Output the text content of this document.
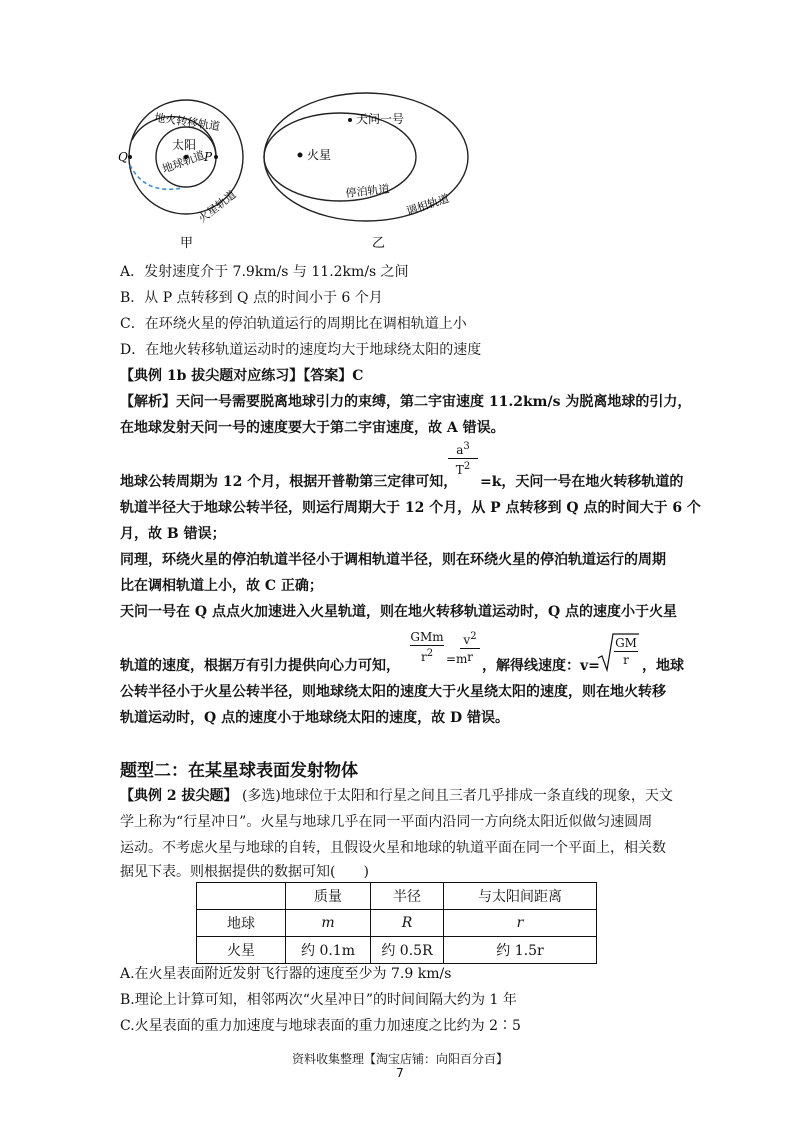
Q	P
太阳
地火转移轨道
地球轨道
火星轨道
甲
天问一号
火星
停泊轨道
调相轨道
乙
A．发射速度介于 7.9km/s 与 11.2km/s 之间
B．从 P 点转移到 Q 点的时间小于 6 个月
C．在环绕火星的停泊轨道运行的周期比在调相轨道上小
D．在地火转移轨道运动时的速度均大于地球绕太阳的速度
【典例 1b 拔尖题对应练习】【答案】C
【解析】天问一号需要脱离地球引力的束缚，第二宇宙速度 11.2km/s 为脱离地球的引力，
在地球发射天问一号的速度要大于第二宇宙速度，故 A 错误。
地球公转周期为 12 个月，根据开普勒第三定律可知，
$a^3$
$T^2$
=k，天问一号在地火转移轨道的
轨道半径大于地球公转半径，则运行周期大于 12 个月，从 P 点转移到 Q 点的时间大于 6 个
月，故 B 错误；
同理，环绕火星的停泊轨道半径小于调相轨道半径，则在环绕火星的停泊轨道运行的周期
比在调相轨道上小，故 C 正确；
天问一号在 Q 点点火加速进入火星轨道，则在地火转移轨道运动时，Q 点的速度小于火星
轨道的速度，根据万有引力提供向心力可知，
GMm
$r^2$	=m
$v^2$
r
，解得线速度：v=
GM
r ，地球
公转半径小于火星公转半径，则地球绕太阳的速度大于火星绕太阳的速度，则在地火转移
轨道运动时，Q 点的速度小于地球绕太阳的速度，故 D 错误。
题型二：在某星球表面发射物体
【典例 2 拔尖题】 (多选)地球位于太阳和行星之间且三者几乎排成一条直线的现象，天文
学上称为“行星冲日”。火星与地球几乎在同一平面内沿同一方向绕太阳近似做匀速圆周
运动。不考虑火星与地球的自转，且假设火星和地球的轨道平面在同一个平面上，相关数
据见下表。则根据提供的数据可知(　　)
	质量	半径	与太阳间距离
地球	m	R	r
火星	约 0.1m	约 0.5R	约 1.5r
A.在火星表面附近发射飞行器的速度至少为 7.9 km/s
B.理论上计算可知，相邻两次“火星冲日”的时间间隔大约为 1 年
C.火星表面的重力加速度与地球表面的重力加速度之比约为 2∶5
资料收集整理【淘宝店铺：向阳百分百】
7
